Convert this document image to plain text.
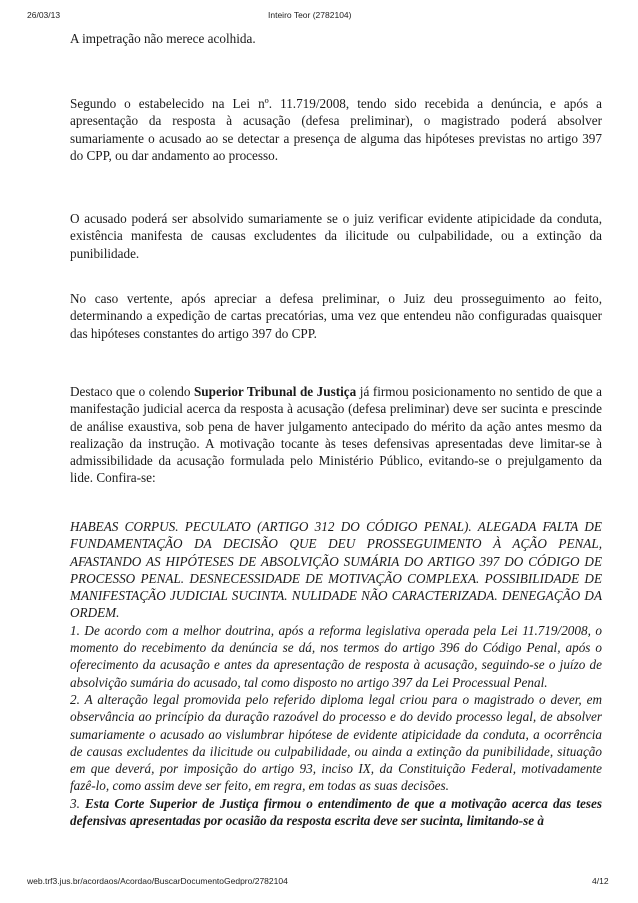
26/03/13	Inteiro Teor (2782104)

A impetração não merece acolhida.

Segundo o estabelecido na Lei nº. 11.719/2008, tendo sido recebida a denúncia, e após a apresentação da resposta à acusação (defesa preliminar), o magistrado poderá absolver sumariamente o acusado ao se detectar a presença de alguma das hipóteses previstas no artigo 397 do CPP, ou dar andamento ao processo.

O acusado poderá ser absolvido sumariamente se o juiz verificar evidente atipicidade da conduta, existência manifesta de causas excludentes da ilicitude ou culpabilidade, ou a extinção da punibilidade.

No caso vertente, após apreciar a defesa preliminar, o Juiz deu prosseguimento ao feito, determinando a expedição de cartas precatórias, uma vez que entendeu não configuradas quaisquer das hipóteses constantes do artigo 397 do CPP.

Destaco que o colendo Superior Tribunal de Justiça já firmou posicionamento no sentido de que a manifestação judicial acerca da resposta à acusação (defesa preliminar) deve ser sucinta e prescinde de análise exaustiva, sob pena de haver julgamento antecipado do mérito da ação antes mesmo da realização da instrução. A motivação tocante às teses defensivas apresentadas deve limitar-se à admissibilidade da acusação formulada pelo Ministério Público, evitando-se o prejulgamento da lide. Confira-se:

HABEAS CORPUS. PECULATO (ARTIGO 312 DO CÓDIGO PENAL). ALEGADA FALTA DE FUNDAMENTAÇÃO DA DECISÃO QUE DEU PROSSEGUIMENTO À AÇÃO PENAL, AFASTANDO AS HIPÓTESES DE ABSOLVIÇÃO SUMÁRIA DO ARTIGO 397 DO CÓDIGO DE PROCESSO PENAL. DESNECESSIDADE DE MOTIVAÇÃO COMPLEXA. POSSIBILIDADE DE MANIFESTAÇÃO JUDICIAL SUCINTA. NULIDADE NÃO CARACTERIZADA. DENEGAÇÃO DA ORDEM.
1. De acordo com a melhor doutrina, após a reforma legislativa operada pela Lei 11.719/2008, o momento do recebimento da denúncia se dá, nos termos do artigo 396 do Código Penal, após o oferecimento da acusação e antes da apresentação de resposta à acusação, seguindo-se o juízo de absolvição sumária do acusado, tal como disposto no artigo 397 da Lei Processual Penal.
2. A alteração legal promovida pelo referido diploma legal criou para o magistrado o dever, em observância ao princípio da duração razoável do processo e do devido processo legal, de absolver sumariamente o acusado ao vislumbrar hipótese de evidente atipicidade da conduta, a ocorrência de causas excludentes da ilicitude ou culpabilidade, ou ainda a extinção da punibilidade, situação em que deverá, por imposição do artigo 93, inciso IX, da Constituição Federal, motivadamente fazê-lo, como assim deve ser feito, em regra, em todas as suas decisões.
3. Esta Corte Superior de Justiça firmou o entendimento de que a motivação acerca das teses defensivas apresentadas por ocasião da resposta escrita deve ser sucinta, limitando-se à
web.trf3.jus.br/acordaos/Acordao/BuscarDocumentoGedpro/2782104	4/12
